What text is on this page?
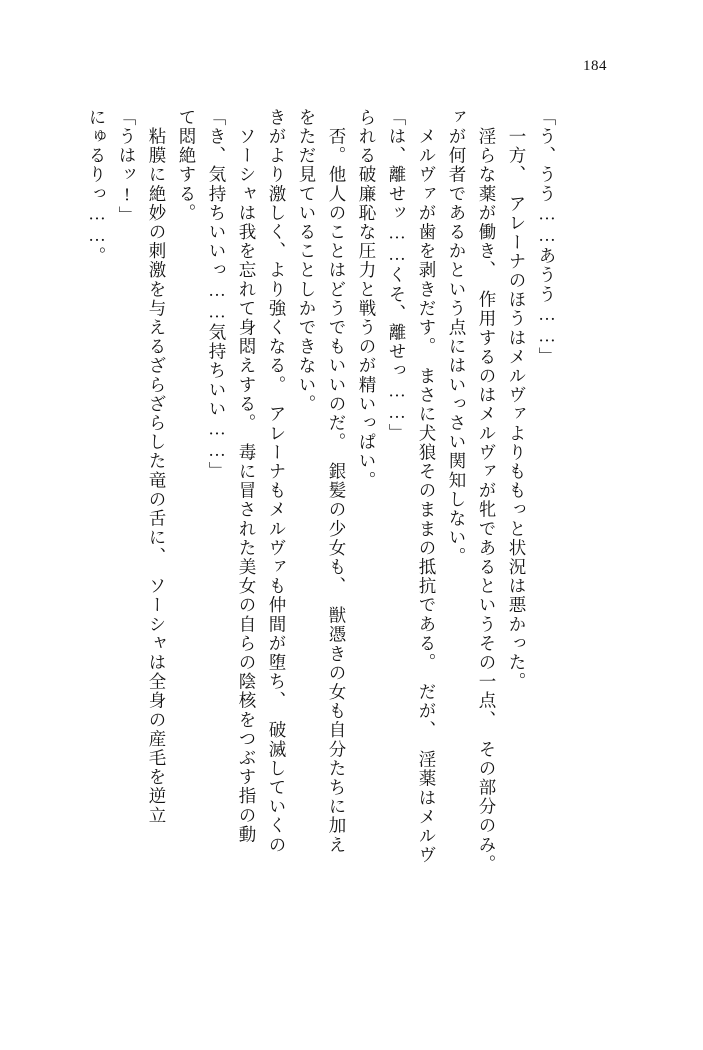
184
にゅるりっ……。 「うはッ!」 　粘膜に絶妙の刺激を与えるざらざらした竜の舌に、　ソーシャは全身の産毛を逆立 て悶絶する。 「き、気持ちいいっ……気持ちいい……」 　ソーシャは我を忘れて身悶えする。　毒に冒された美女の自らの陰核をつぶす指の動 きがより激しく、より強くなる。　アレーナもメルヴァも仲間が堕ち、　破滅していくの をただ見ていることしかできない。 　否。他人のことはどうでもいいのだ。　銀髪の少女も、　獣憑きの女も自分たちに加え られる破廉恥な圧力と戦うのが精いっぱい。 「は、離せッ……くそ、離せっ……」 　メルヴァが歯を剥きだす。　まさに犬狼そのままの抵抗である。　だが、　淫薬はメルヴ ァが何者であるかという点にはいっさい関知しない。 　淫らな薬が働き、　作用するのはメルヴァが牝であるというその一点、　その部分のみ。 　一方、　アレーナのほうはメルヴァよりももっと状況は悪かった。 「う、うう……あうう……」
